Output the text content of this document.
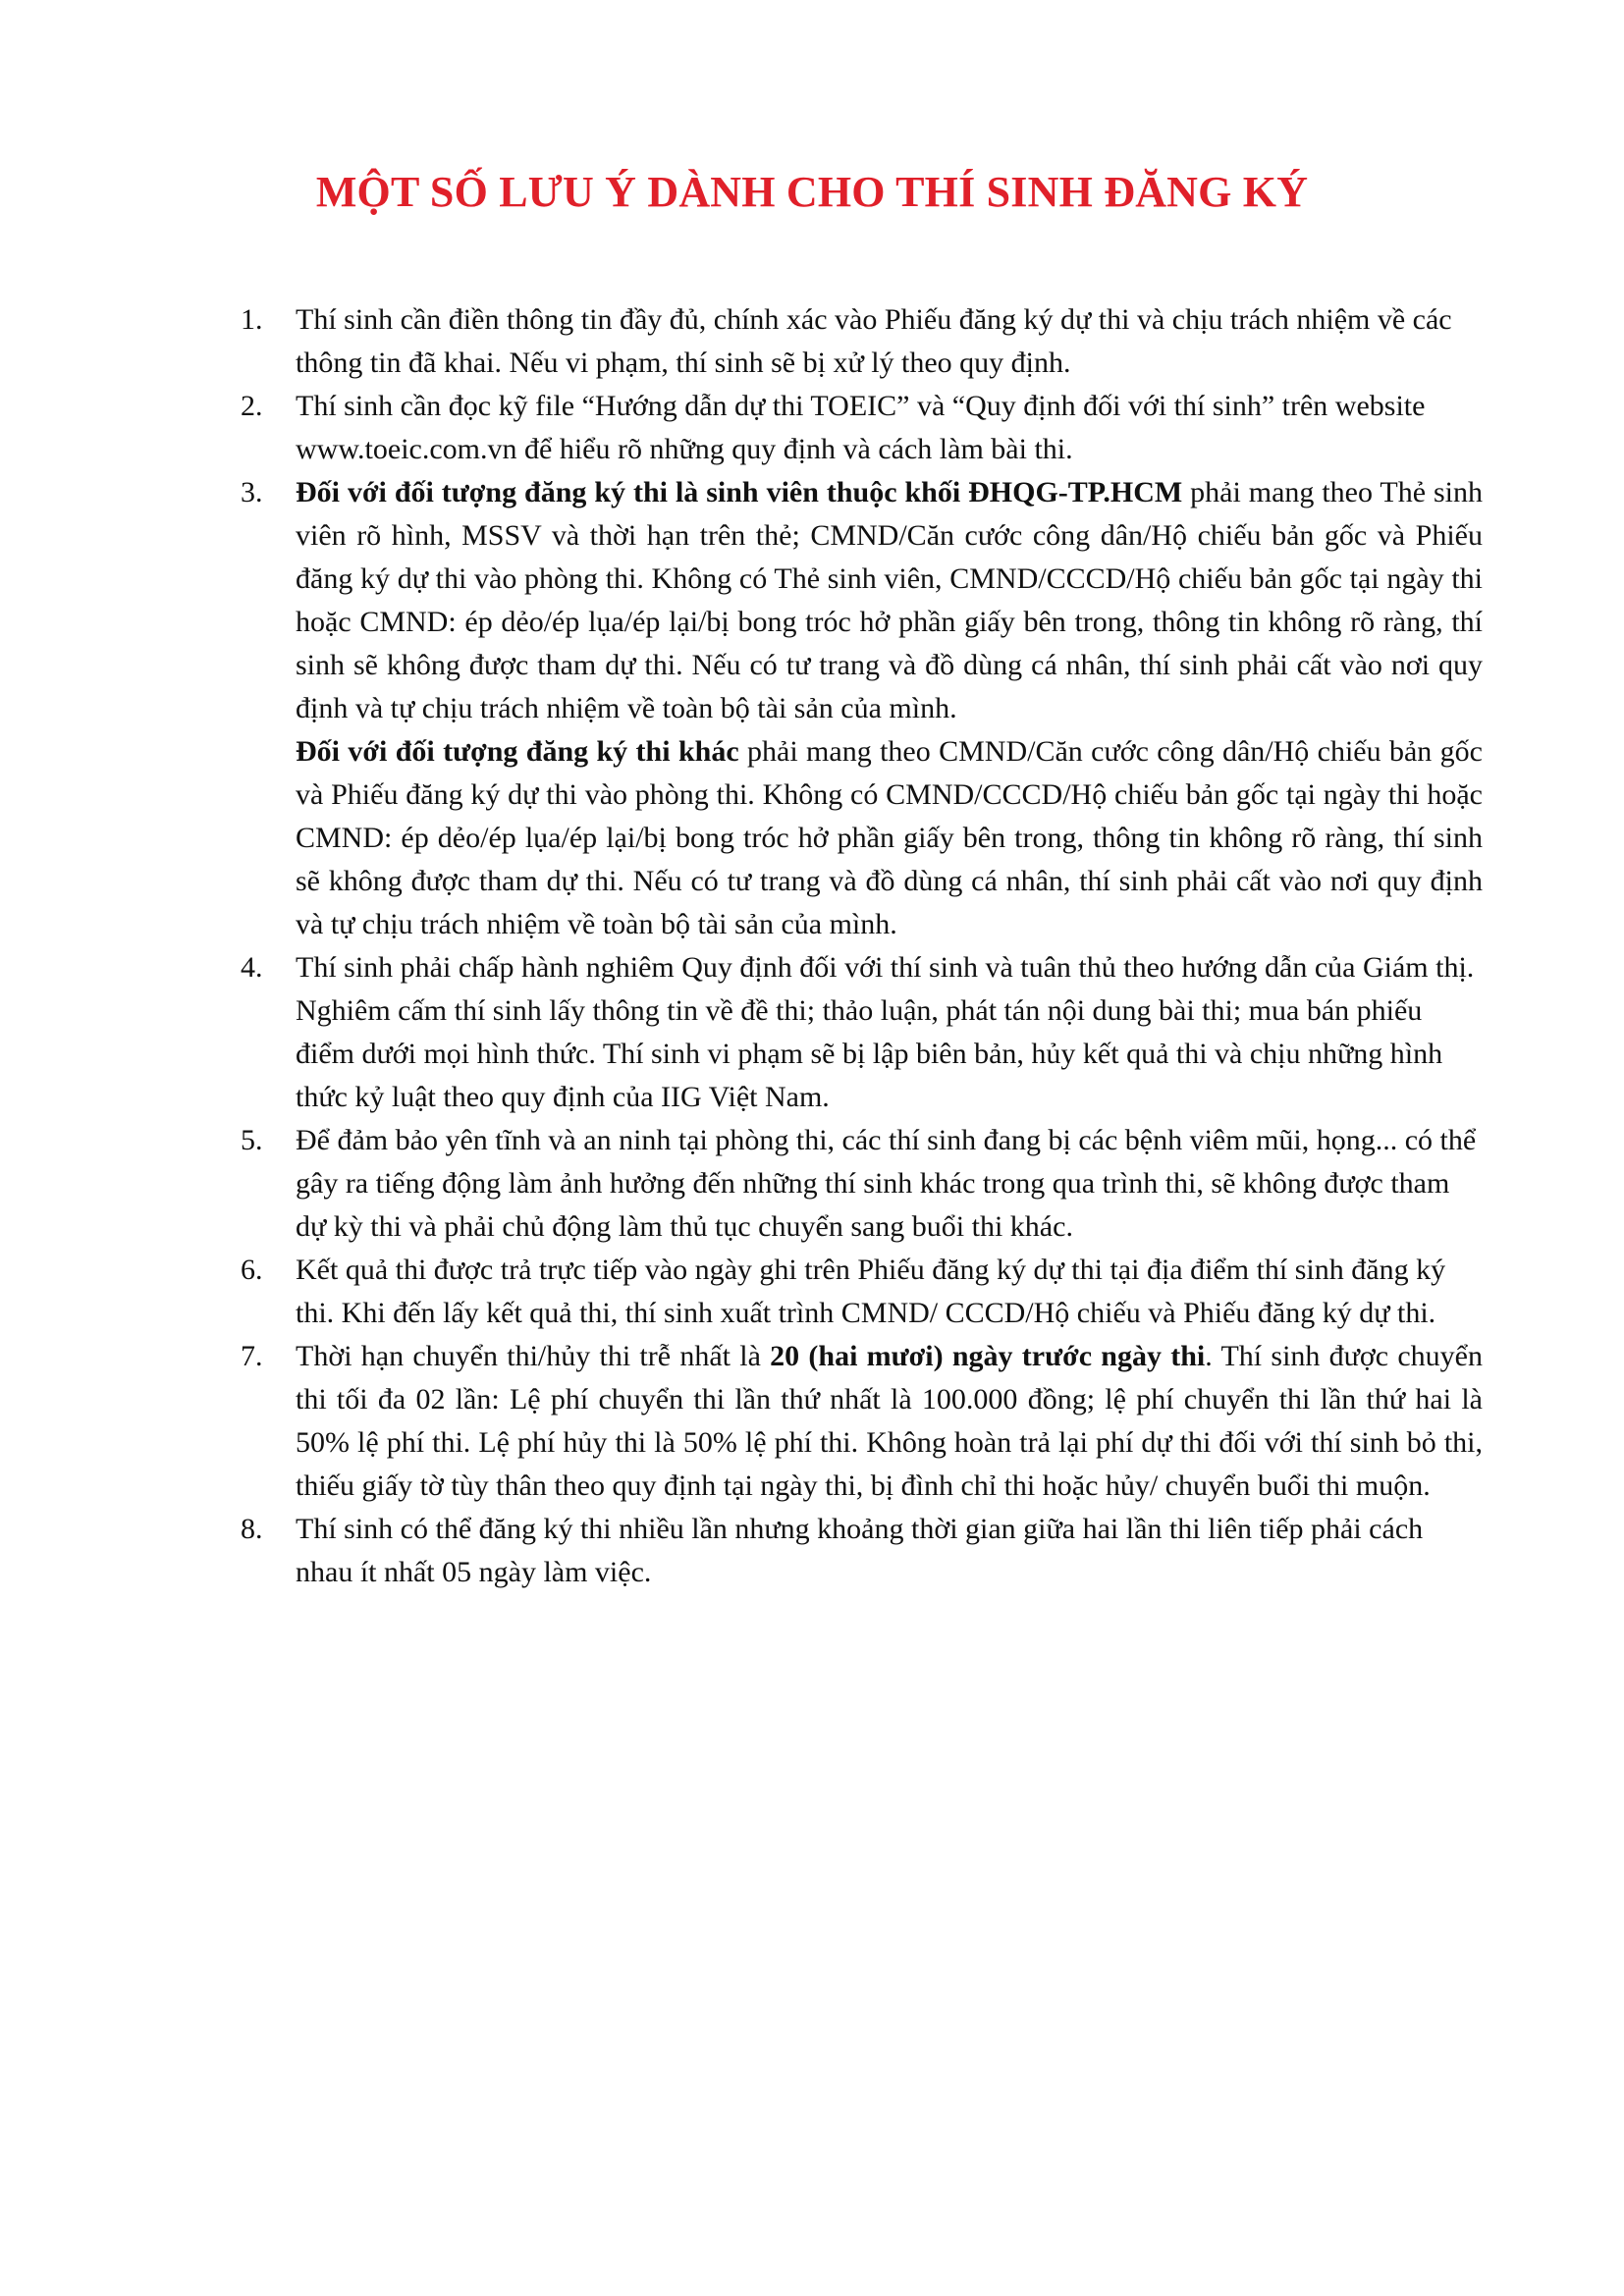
MỘT SỐ LƯU Ý DÀNH CHO THÍ SINH ĐĂNG KÝ
1. Thí sinh cần điền thông tin đầy đủ, chính xác vào Phiếu đăng ký dự thi và chịu trách nhiệm về các thông tin đã khai. Nếu vi phạm, thí sinh sẽ bị xử lý theo quy định.
2. Thí sinh cần đọc kỹ file “Hướng dẫn dự thi TOEIC” và “Quy định đối với thí sinh” trên website www.toeic.com.vn để hiểu rõ những quy định và cách làm bài thi.
3. Đối với đối tượng đăng ký thi là sinh viên thuộc khối ĐHQG-TP.HCM phải mang theo Thẻ sinh viên rõ hình, MSSV và thời hạn trên thẻ; CMND/Căn cước công dân/Hộ chiếu bản gốc và Phiếu đăng ký dự thi vào phòng thi. Không có Thẻ sinh viên, CMND/CCCD/Hộ chiếu bản gốc tại ngày thi hoặc CMND: ép dẻo/ép lụa/ép lại/bị bong tróc hở phần giấy bên trong, thông tin không rõ ràng, thí sinh sẽ không được tham dự thi. Nếu có tư trang và đồ dùng cá nhân, thí sinh phải cất vào nơi quy định và tự chịu trách nhiệm về toàn bộ tài sản của mình.
Đối với đối tượng đăng ký thi khác phải mang theo CMND/Căn cước công dân/Hộ chiếu bản gốc và Phiếu đăng ký dự thi vào phòng thi. Không có CMND/CCCD/Hộ chiếu bản gốc tại ngày thi hoặc CMND: ép dẻo/ép lụa/ép lại/bị bong tróc hở phần giấy bên trong, thông tin không rõ ràng, thí sinh sẽ không được tham dự thi. Nếu có tư trang và đồ dùng cá nhân, thí sinh phải cất vào nơi quy định và tự chịu trách nhiệm về toàn bộ tài sản của mình.
4. Thí sinh phải chấp hành nghiêm Quy định đối với thí sinh và tuân thủ theo hướng dẫn của Giám thị. Nghiêm cấm thí sinh lấy thông tin về đề thi; thảo luận, phát tán nội dung bài thi; mua bán phiếu điểm dưới mọi hình thức. Thí sinh vi phạm sẽ bị lập biên bản, hủy kết quả thi và chịu những hình thức kỷ luật theo quy định của IIG Việt Nam.
5. Để đảm bảo yên tĩnh và an ninh tại phòng thi, các thí sinh đang bị các bệnh viêm mũi, họng... có thể gây ra tiếng động làm ảnh hưởng đến những thí sinh khác trong qua trình thi, sẽ không được tham dự kỳ thi và phải chủ động làm thủ tục chuyển sang buổi thi khác.
6. Kết quả thi được trả trực tiếp vào ngày ghi trên Phiếu đăng ký dự thi tại địa điểm thí sinh đăng ký thi. Khi đến lấy kết quả thi, thí sinh xuất trình CMND/ CCCD/Hộ chiếu và Phiếu đăng ký dự thi.
7. Thời hạn chuyển thi/hủy thi trễ nhất là 20 (hai mươi) ngày trước ngày thi. Thí sinh được chuyển thi tối đa 02 lần: Lệ phí chuyển thi lần thứ nhất là 100.000 đồng; lệ phí chuyển thi lần thứ hai là 50% lệ phí thi. Lệ phí hủy thi là 50% lệ phí thi. Không hoàn trả lại phí dự thi đối với thí sinh bỏ thi, thiếu giấy tờ tùy thân theo quy định tại ngày thi, bị đình chỉ thi hoặc hủy/ chuyển buổi thi muộn.
8. Thí sinh có thể đăng ký thi nhiều lần nhưng khoảng thời gian giữa hai lần thi liên tiếp phải cách nhau ít nhất 05 ngày làm việc.
